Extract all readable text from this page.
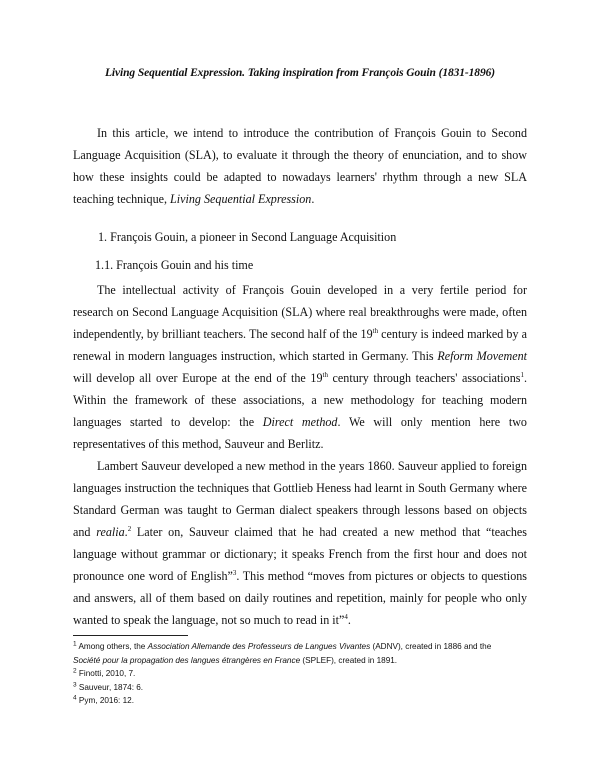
Living Sequential Expression. Taking inspiration from François Gouin (1831-1896)

In this article, we intend to introduce the contribution of François Gouin to Second Language Acquisition (SLA), to evaluate it through the theory of enunciation, and to show how these insights could be adapted to nowadays learners' rhythm through a new SLA teaching technique, Living Sequential Expression.

1. François Gouin, a pioneer in Second Language Acquisition

1.1. François Gouin and his time

The intellectual activity of François Gouin developed in a very fertile period for research on Second Language Acquisition (SLA) where real breakthroughs were made, often independently, by brilliant teachers. The second half of the 19th century is indeed marked by a renewal in modern languages instruction, which started in Germany. This Reform Movement will develop all over Europe at the end of the 19th century through teachers' associations$^1$. Within the framework of these associations, a new methodology for teaching modern languages started to develop: the Direct method. We will only mention here two representatives of this method, Sauveur and Berlitz.

Lambert Sauveur developed a new method in the years 1860. Sauveur applied to foreign languages instruction the techniques that Gottlieb Heness had learnt in South Germany where Standard German was taught to German dialect speakers through lessons based on objects and realia.$^2$ Later on, Sauveur claimed that he had created a new method that “teaches language without grammar or dictionary; it speaks French from the first hour and does not pronounce one word of English”$^3$. This method “moves from pictures or objects to questions and answers, all of them based on daily routines and repetition, mainly for people who only wanted to speak the language, not so much to read in it”$^4$.

$^1$ Among others, the Association Allemande des Professeurs de Langues Vivantes (ADNV), created in 1886 and the

Société pour la propagation des langues étrangères en France (SPLEF), created in 1891.

$^2$ Finotti, 2010, 7.

$^3$ Sauveur, 1874: 6.

$^4$ Pym, 2016: 12.
